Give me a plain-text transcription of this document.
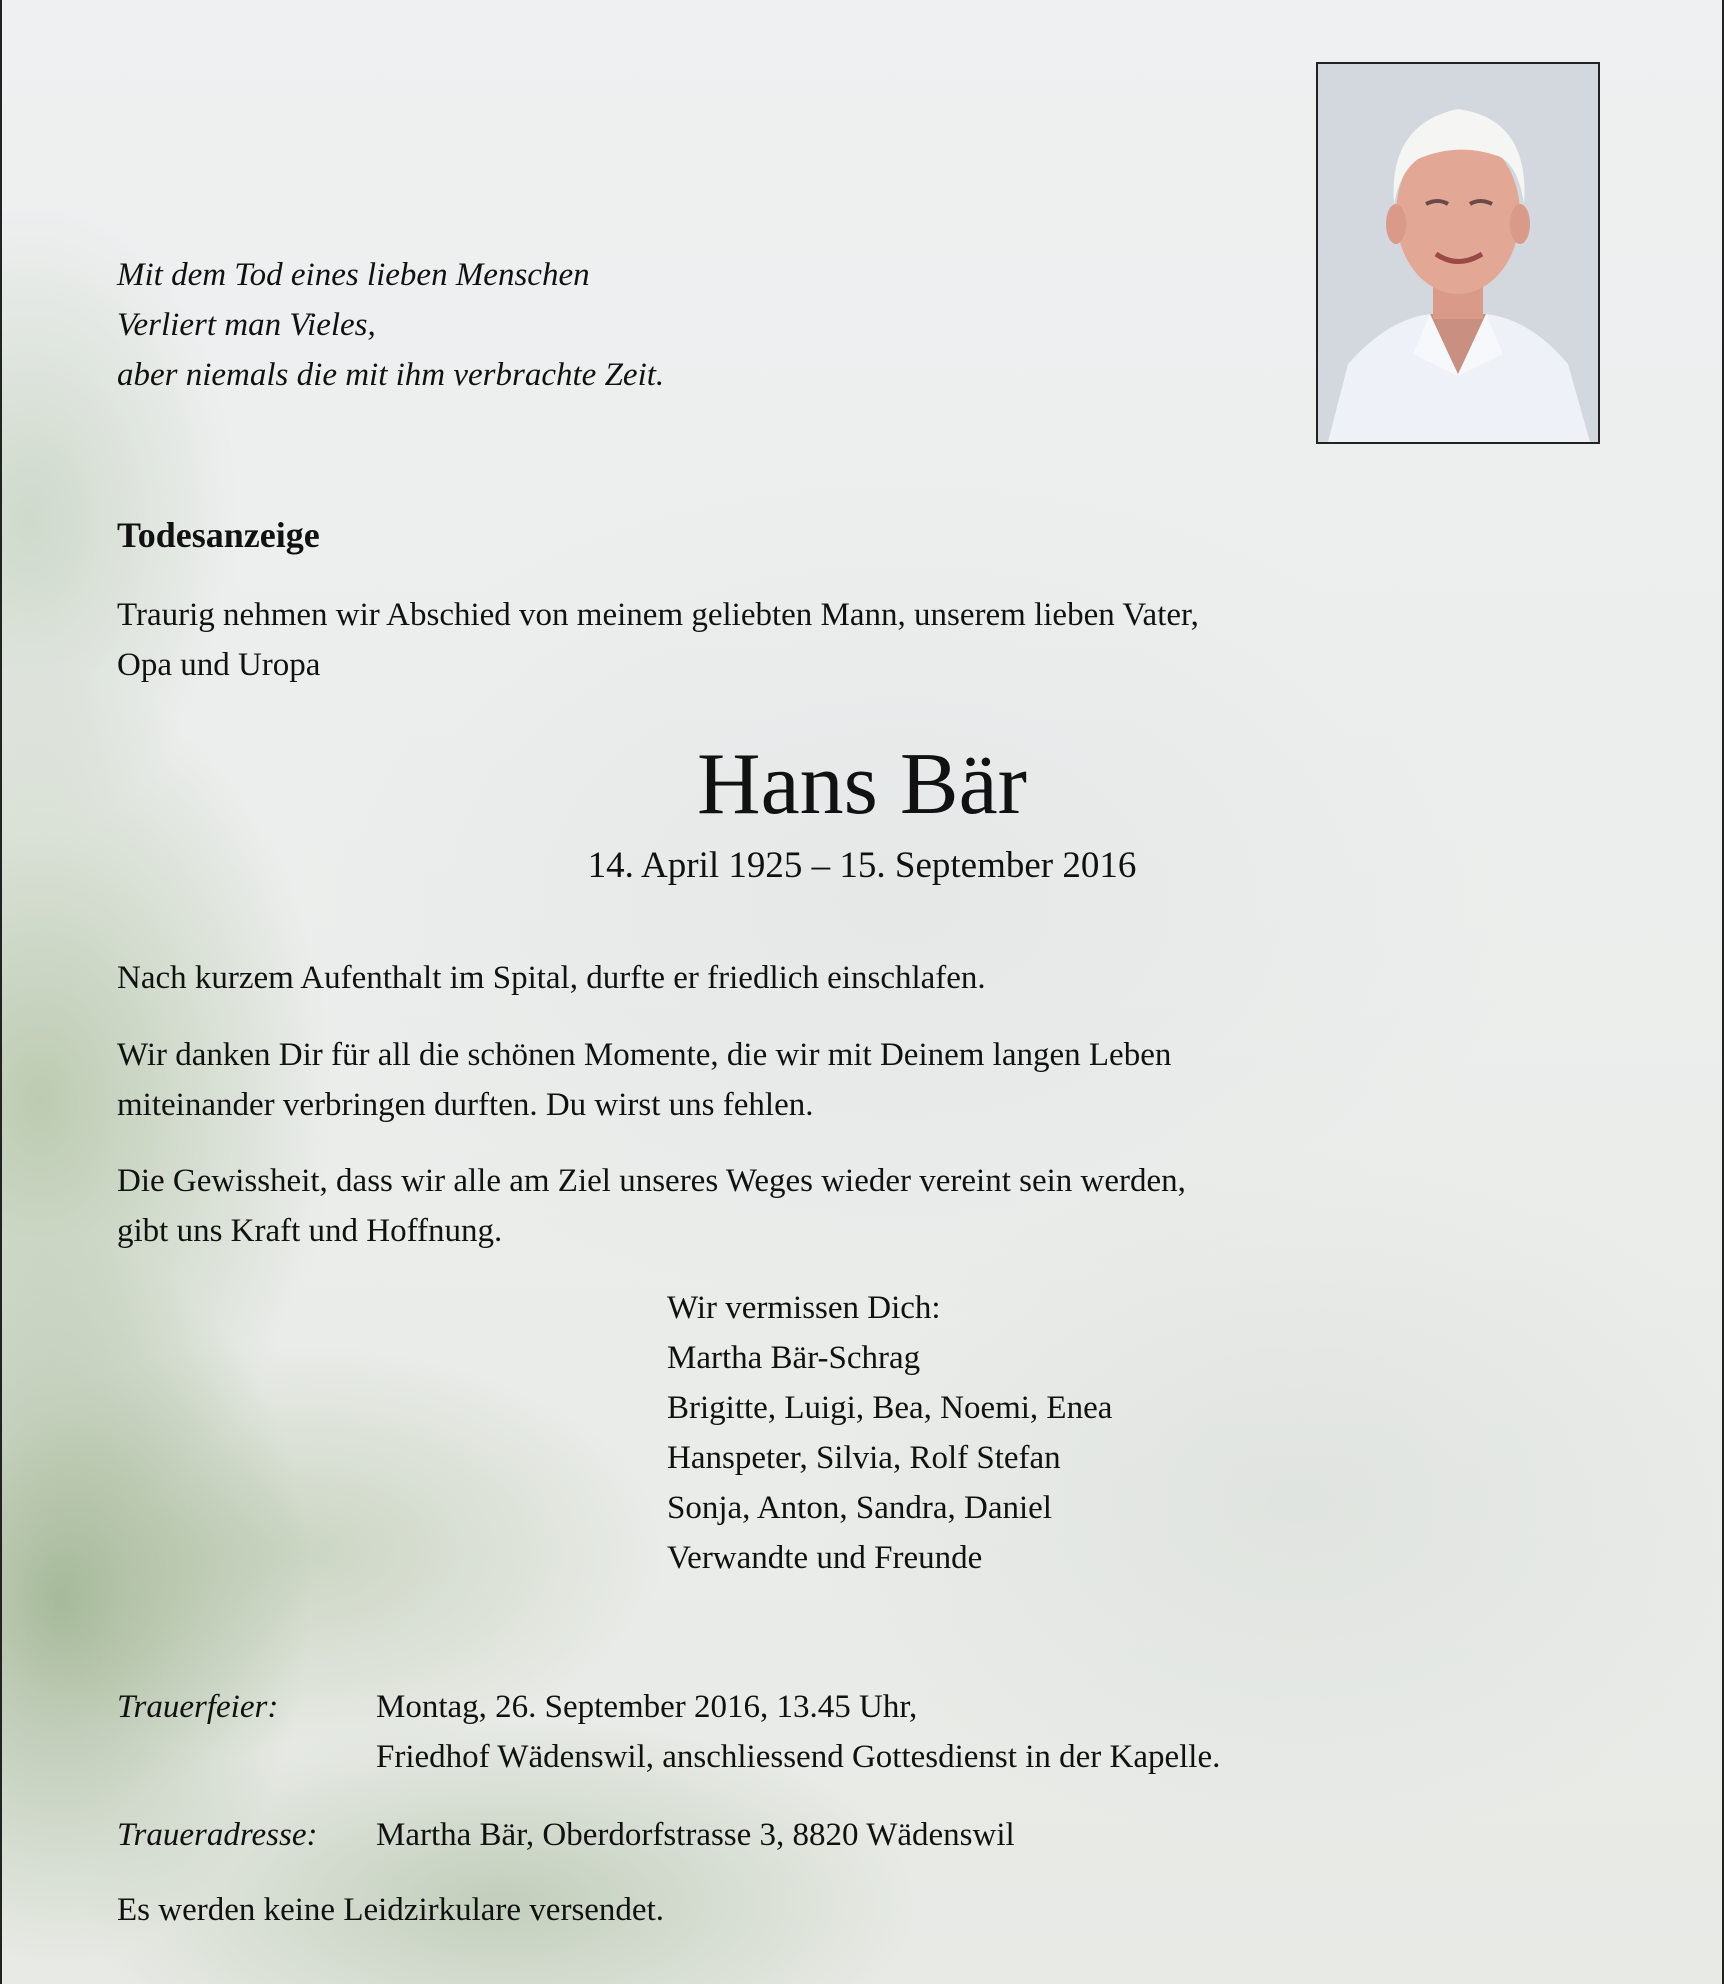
Mit dem Tod eines lieben Menschen
Verliert man Vieles,
aber niemals die mit ihm verbrachte Zeit.
Todesanzeige
Traurig nehmen wir Abschied von meinem geliebten Mann, unserem lieben Vater,
Opa und Uropa
Hans Bär
14. April 1925 – 15. September 2016
Nach kurzem Aufenthalt im Spital, durfte er friedlich einschlafen.
Wir danken Dir für all die schönen Momente, die wir mit Deinem langen Leben
miteinander verbringen durften. Du wirst uns fehlen.
Die Gewissheit, dass wir alle am Ziel unseres Weges wieder vereint sein werden,
gibt uns Kraft und Hoffnung.
Wir vermissen Dich:
Martha Bär-Schrag
Brigitte, Luigi, Bea, Noemi, Enea
Hanspeter, Silvia, Rolf Stefan
Sonja, Anton, Sandra, Daniel
Verwandte und Freunde
Trauerfeier:	Montag, 26. September 2016, 13.45 Uhr,
Friedhof Wädenswil, anschliessend Gottesdienst in der Kapelle.
Traueradresse: Martha Bär, Oberdorfstrasse 3, 8820 Wädenswil
Es werden keine Leidzirkulare versendet.
